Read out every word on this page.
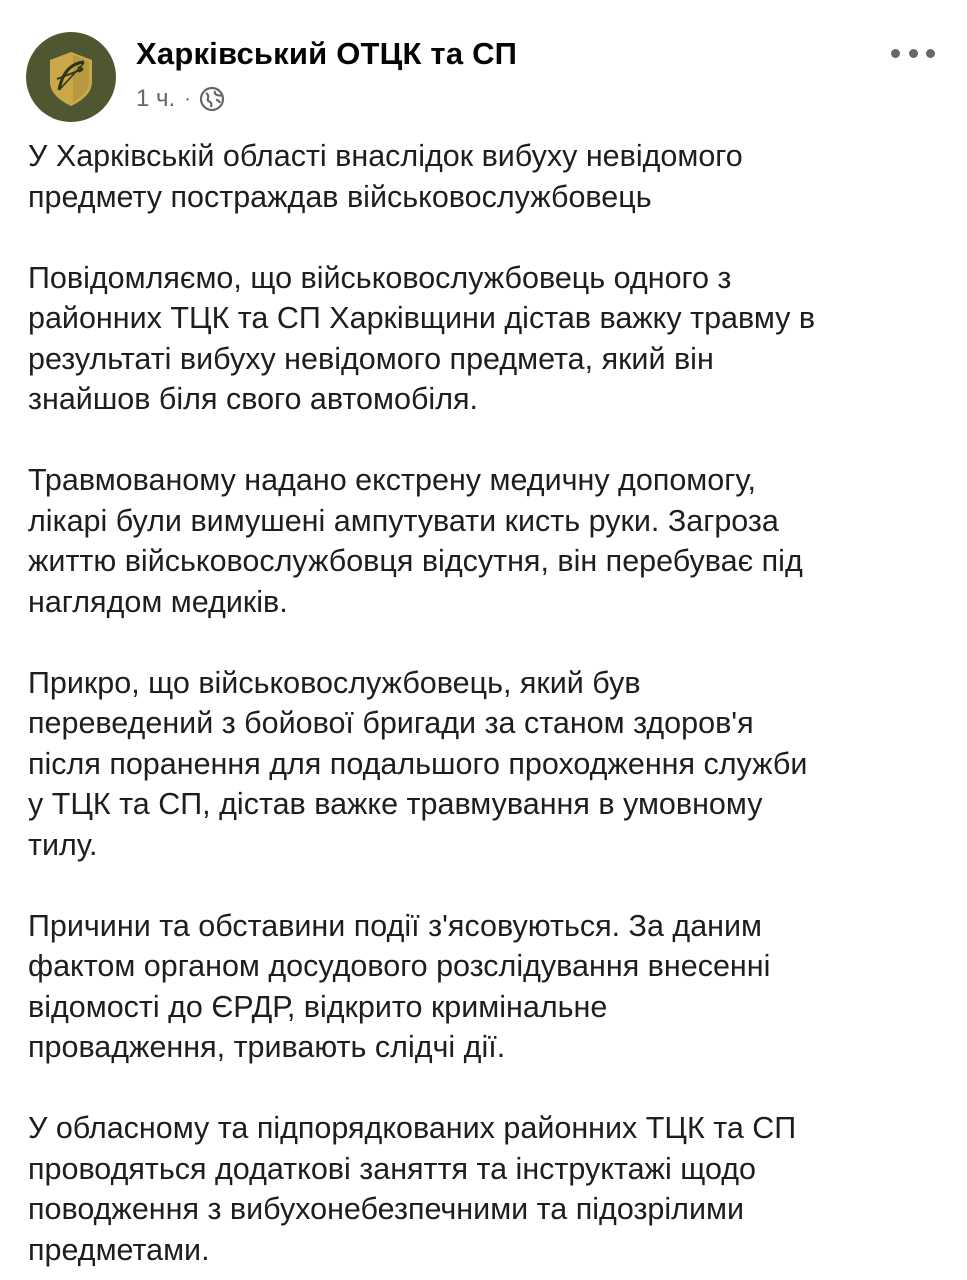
Харківський ОТЦК та СП
1 ч. ·
У Харківській області внаслідок вибуху невідомого
предмету постраждав військовослужбовець
Повідомляємо, що військовослужбовець одного з
районних ТЦК та СП Харківщини дістав важку травму в
результаті вибуху невідомого предмета, який він
знайшов біля свого автомобіля.
Травмованому надано екстрену медичну допомогу,
лікарі були вимушені ампутувати кисть руки. Загроза
життю військовослужбовця відсутня, він перебуває під
наглядом медиків.
Прикро, що військовослужбовець, який був
переведений з бойової бригади за станом здоров'я
після поранення для подальшого проходження служби
у ТЦК та СП, дістав важке травмування в умовному
тилу.
Причини та обставини події з'ясовуються. За даним
фактом органом досудового розслідування внесенні
відомості до ЄРДР, відкрито кримінальне
провадження, тривають слідчі дії.
У обласному та підпорядкованих районних ТЦК та СП
проводяться додаткові заняття та інструктажі щодо
поводження з вибухонебезпечними та підозрілими
предметами.
